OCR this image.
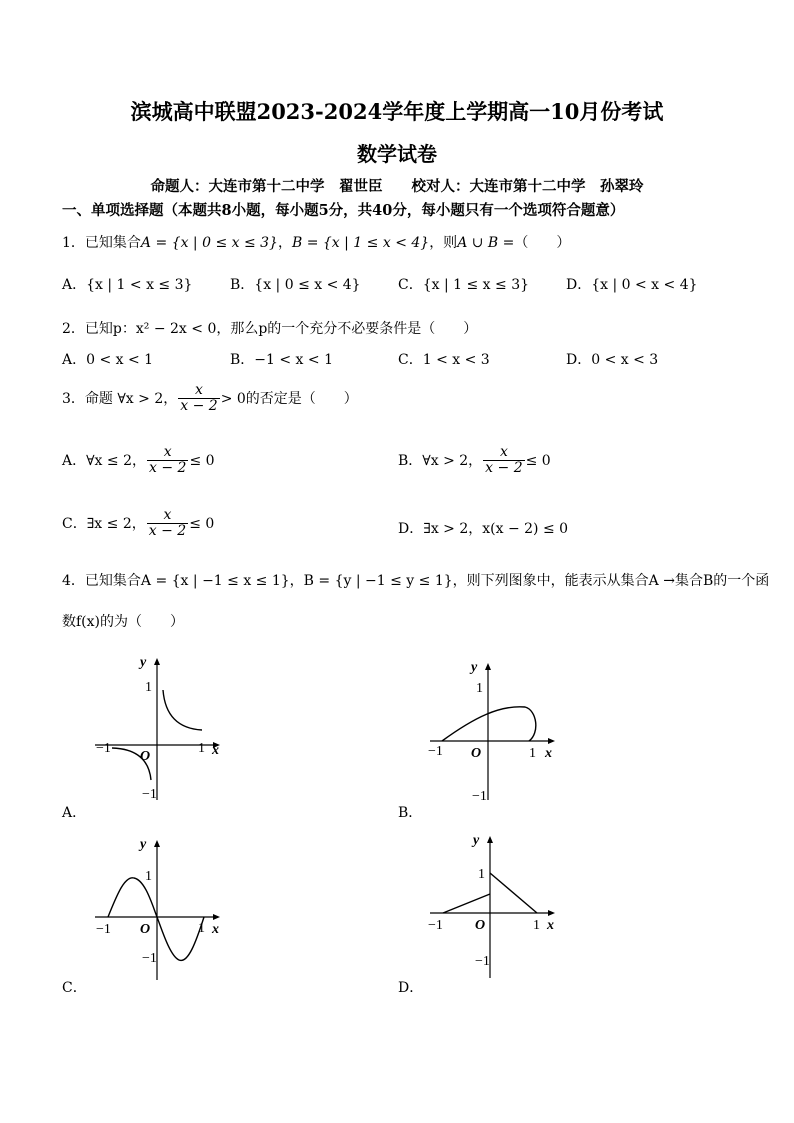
滨城高中联盟2023-2024学年度上学期高一10月份考试
数学试卷
命题人：大连市第十二中学　翟世臣　　校对人：大连市第十二中学　孙翠玲
一、单项选择题（本题共8小题，每小题5分，共40分，每小题只有一个选项符合题意）
1．已知集合A = {x | 0 ≤ x ≤ 3}，B = {x | 1 ≤ x < 4}，则A ∪ B =（　　）
A．{x | 1 < x ≤ 3}	B．{x | 0 ≤ x < 4}	C．{x | 1 ≤ x ≤ 3}	D．{x | 0 < x < 4}
2．已知p：x² − 2x < 0，那么p的一个充分不必要条件是（　　）
A．0 < x < 1	B．−1 < x < 1	C．1 < x < 3	D．0 < x < 3
3．命题 ∀x > 2， $\frac{x}{x - 2} > 0$的否定是（　　）
A．∀x ≤ 2， $\frac{x}{x - 2} \le 0$	B．∀x > 2， $\frac{x}{x - 2} \le 0$
C．∃x ≤ 2， $\frac{x}{x - 2} \le 0$	D．∃x > 2，x(x − 2) ≤ 0
4．已知集合A = {x | −1 ≤ x ≤ 1}，B = {y | −1 ≤ y ≤ 1}，则下列图象中，能表示从集合A →集合B的一个函
数f(x)的为（　　）
y
1
−1
O
1 x
−1
A．
y
1
−1 O	1 x
−1
B．
y
1
−1 O	1 x
−1
C．
y
1
−1 O	1 x
−1
D．
